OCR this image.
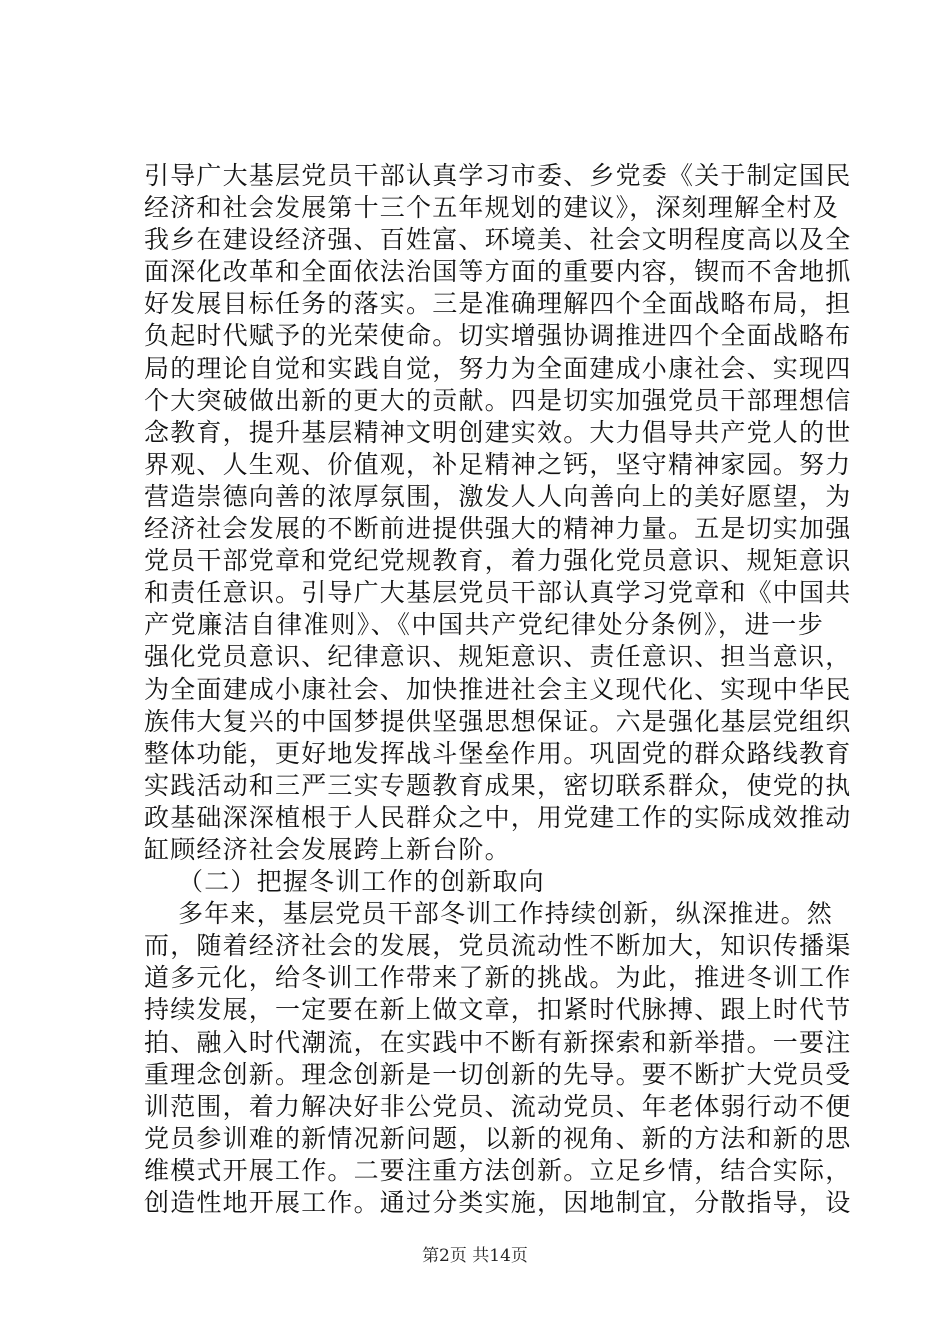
引导广大基层党员干部认真学习市委、乡党委《关于制定国民
经济和社会发展第十三个五年规划的建议》，深刻理解全村及
我乡在建设经济强、百姓富、环境美、社会文明程度高以及全
面深化改革和全面依法治国等方面的重要内容，锲而不舍地抓
好发展目标任务的落实。三是准确理解四个全面战略布局，担
负起时代赋予的光荣使命。切实增强协调推进四个全面战略布
局的理论自觉和实践自觉，努力为全面建成小康社会、实现四
个大突破做出新的更大的贡献。四是切实加强党员干部理想信
念教育，提升基层精神文明创建实效。大力倡导共产党人的世
界观、人生观、价值观，补足精神之钙，坚守精神家园。努力
营造崇德向善的浓厚氛围，激发人人向善向上的美好愿望，为
经济社会发展的不断前进提供强大的精神力量。五是切实加强
党员干部党章和党纪党规教育，着力强化党员意识、规矩意识
和责任意识。引导广大基层党员干部认真学习党章和《中国共
产党廉洁自律准则》、《中国共产党纪律处分条例》，进一步
强化党员意识、纪律意识、规矩意识、责任意识、担当意识，
为全面建成小康社会、加快推进社会主义现代化、实现中华民
族伟大复兴的中国梦提供坚强思想保证。六是强化基层党组织
整体功能，更好地发挥战斗堡垒作用。巩固党的群众路线教育
实践活动和三严三实专题教育成果，密切联系群众，使党的执
政基础深深植根于人民群众之中，用党建工作的实际成效推动
缸顾经济社会发展跨上新台阶。
（二）把握冬训工作的创新取向
多年来，基层党员干部冬训工作持续创新，纵深推进。然
而，随着经济社会的发展，党员流动性不断加大，知识传播渠
道多元化，给冬训工作带来了新的挑战。为此，推进冬训工作
持续发展，一定要在新上做文章，扣紧时代脉搏、跟上时代节
拍、融入时代潮流，在实践中不断有新探索和新举措。一要注
重理念创新。理念创新是一切创新的先导。要不断扩大党员受
训范围，着力解决好非公党员、流动党员、年老体弱行动不便
党员参训难的新情况新问题，以新的视角、新的方法和新的思
维模式开展工作。二要注重方法创新。立足乡情，结合实际，
创造性地开展工作。通过分类实施，因地制宜，分散指导，设
第2页 共14页
